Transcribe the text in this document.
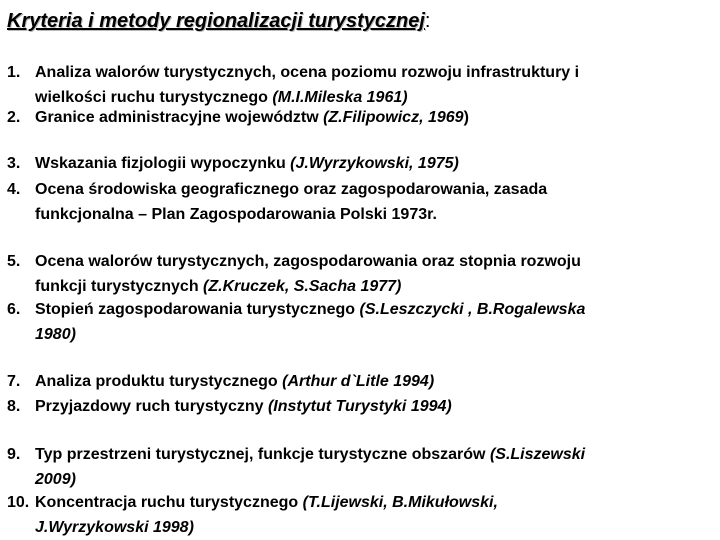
Kryteria i metody regionalizacji turystycznej:
1. Analiza walorów turystycznych, ocena poziomu rozwoju infrastruktury i
wielkości ruchu turystycznego (M.I.Mileska 1961)
2. Granice administracyjne województw (Z.Filipowicz, 1969)
3. Wskazania fizjologii wypoczynku (J.Wyrzykowski, 1975)
4. Ocena środowiska geograficznego oraz zagospodarowania, zasada
funkcjonalna – Plan Zagospodarowania Polski 1973r.
5. Ocena walorów turystycznych, zagospodarowania oraz stopnia rozwoju
funkcji turystycznych (Z.Kruczek, S.Sacha 1977)
6. Stopień zagospodarowania turystycznego (S.Leszczycki , B.Rogalewska
1980)
7. Analiza produktu turystycznego (Arthur d`Litle 1994)
8. Przyjazdowy ruch turystyczny (Instytut Turystyki 1994)
9. Typ przestrzeni turystycznej, funkcje turystyczne obszarów (S.Liszewski
2009)
10. Koncentracja ruchu turystycznego (T.Lijewski, B.Mikułowski,
J.Wyrzykowski 1998)
